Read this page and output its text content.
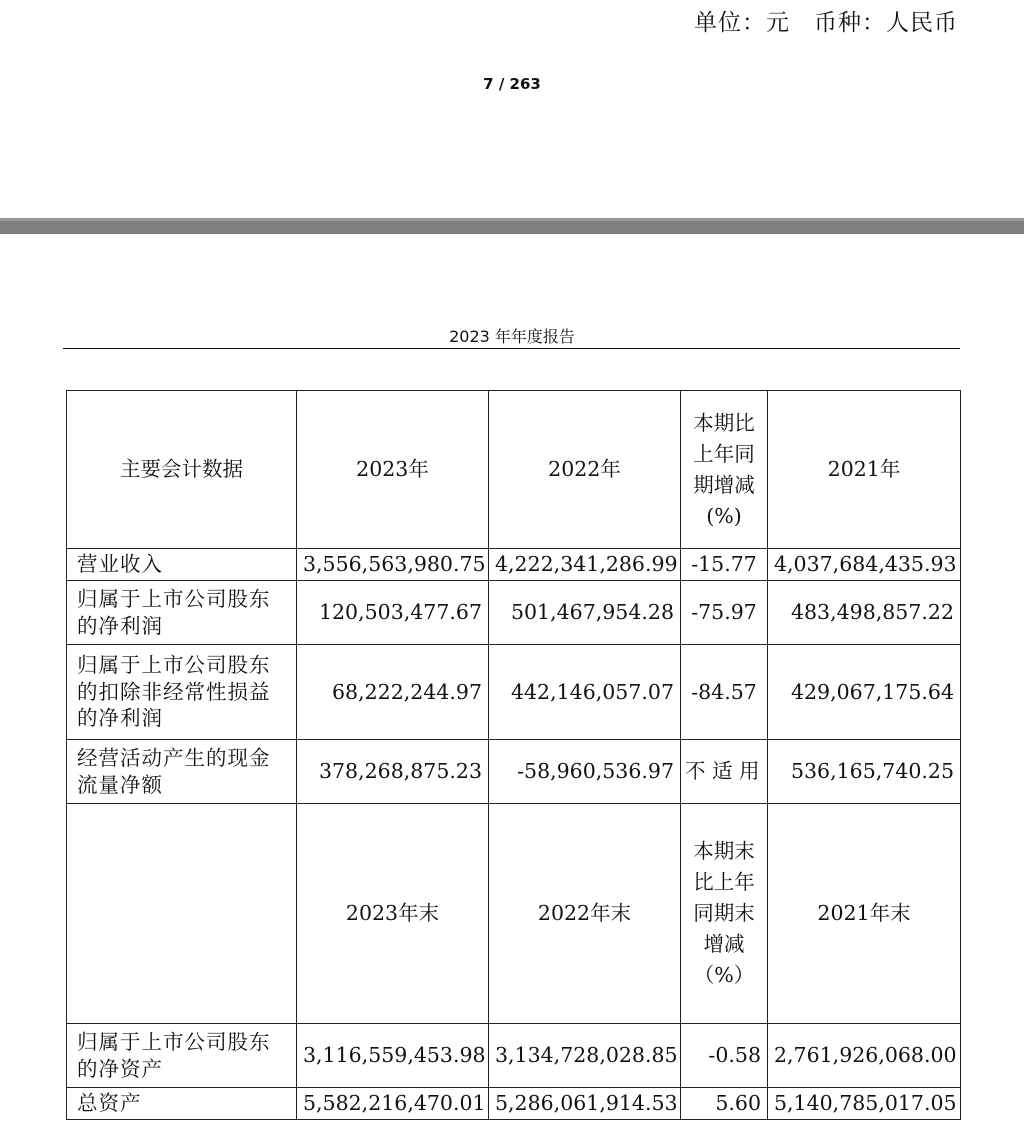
单位：元 币种：人民币
7 / 263
2023 年年度报告
主要会计数据	2023年	2022年	本期比上年同期增减(%)	2021年
营业收入	3,556,563,980.75	4,222,341,286.99	-15.77	4,037,684,435.93
归属于上市公司股东的净利润	120,503,477.67	501,467,954.28	-75.97	483,498,857.22
归属于上市公司股东的扣除非经常性损益的净利润	68,222,244.97	442,146,057.07	-84.57	429,067,175.64
经营活动产生的现金流量净额	378,268,875.23	-58,960,536.97	不 适 用	536,165,740.25
	2023年末	2022年末	本期末比上年同期末增减（%）	2021年末
归属于上市公司股东的净资产	3,116,559,453.98	3,134,728,028.85	-0.58	2,761,926,068.00
总资产	5,582,216,470.01	5,286,061,914.53	5.60	5,140,785,017.05
